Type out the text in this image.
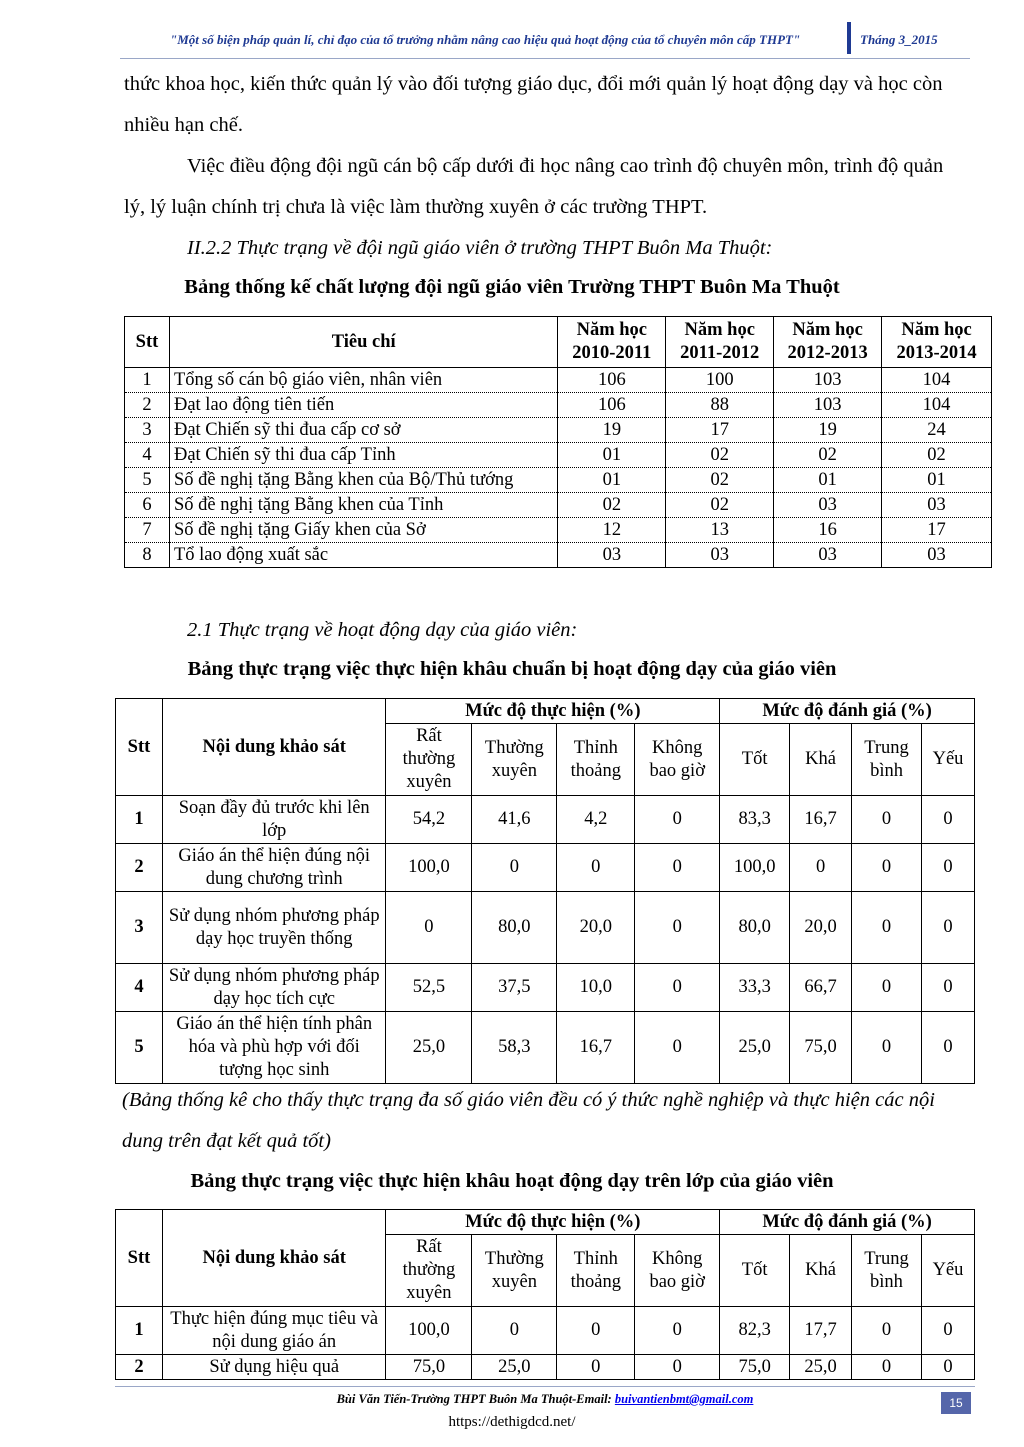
"Một số biện pháp quản lí, chỉ đạo của tổ trưởng nhằm nâng cao hiệu quả hoạt động của tổ chuyên môn cấp THPT"	Tháng 3_2015

thức khoa học, kiến thức quản lý vào đối tượng giáo dục, đổi mới quản lý hoạt động dạy và học còn nhiều hạn chế.

Việc điều động đội ngũ cán bộ cấp dưới đi học nâng cao trình độ chuyên môn, trình độ quản lý, lý luận chính trị chưa là việc làm thường xuyên ở các trường THPT.

II.2.2 Thực trạng về đội ngũ giáo viên ở trường THPT Buôn Ma Thuột:
Bảng thống kế chất lượng đội ngũ giáo viên Trường THPT Buôn Ma Thuột
Stt	Tiêu chí	Năm học 2010-2011	Năm học 2011-2012	Năm học 2012-2013	Năm học 2013-2014
1	Tổng số cán bộ giáo viên, nhân viên	106	100	103	104
2	Đạt lao động tiên tiến	106	88	103	104
3	Đạt Chiến sỹ thi đua cấp cơ sở	19	17	19	24
4	Đạt Chiến sỹ thi đua cấp Tỉnh	01	02	02	02
5	Số đề nghị tặng Bằng khen của Bộ/Thủ tướng	01	02	01	01
6	Số đề nghị tặng Bằng khen của Tỉnh	02	02	03	03
7	Số đề nghị tặng Giấy khen của Sở	12	13	16	17
8	Tổ lao động xuất sắc	03	03	03	03
2.1 Thực trạng về hoạt động dạy của giáo viên:
Bảng thực trạng việc thực hiện khâu chuẩn bị hoạt động dạy của giáo viên
Stt	Nội dung khảo sát	Mức độ thực hiện (%)				Mức độ đánh giá (%)			
		Rất thường xuyên	Thường xuyên	Thỉnh thoảng	Không bao giờ	Tốt	Khá	Trung bình	Yếu
1	Soạn đầy đủ trước khi lên lớp	54,2	41,6	4,2	0	83,3	16,7	0	0
2	Giáo án thể hiện đúng nội dung chương trình	100,0	0	0	0	100,0	0	0	0
3	Sử dụng nhóm phương pháp dạy học truyền thống	0	80,0	20,0	0	80,0	20,0	0	0
4	Sử dụng nhóm phương pháp dạy học tích cực	52,5	37,5	10,0	0	33,3	66,7	0	0
5	Giáo án thể hiện tính phân hóa và phù hợp với đối tượng học sinh	25,0	58,3	16,7	0	25,0	75,0	0	0
(Bảng thống kê cho thấy thực trạng đa số giáo viên đều có ý thức nghề nghiệp và thực hiện các nội dung trên đạt kết quả tốt)
Bảng thực trạng việc thực hiện khâu hoạt động dạy trên lớp của giáo viên
Stt	Nội dung khảo sát	Mức độ thực hiện (%)				Mức độ đánh giá (%)			
		Rất thường xuyên	Thường xuyên	Thỉnh thoảng	Không bao giờ	Tốt	Khá	Trung bình	Yếu
1	Thực hiện đúng mục tiêu và nội dung giáo án	100,0	0	0	0	82,3	17,7	0	0
2	Sử dụng hiệu quả	75,0	25,0	0	0	75,0	25,0	0	0
Bùi Văn Tiến-Trường THPT Buôn Ma Thuột-Email: buivantienbmt@gmail.com	15
https://dethigdcd.net/
